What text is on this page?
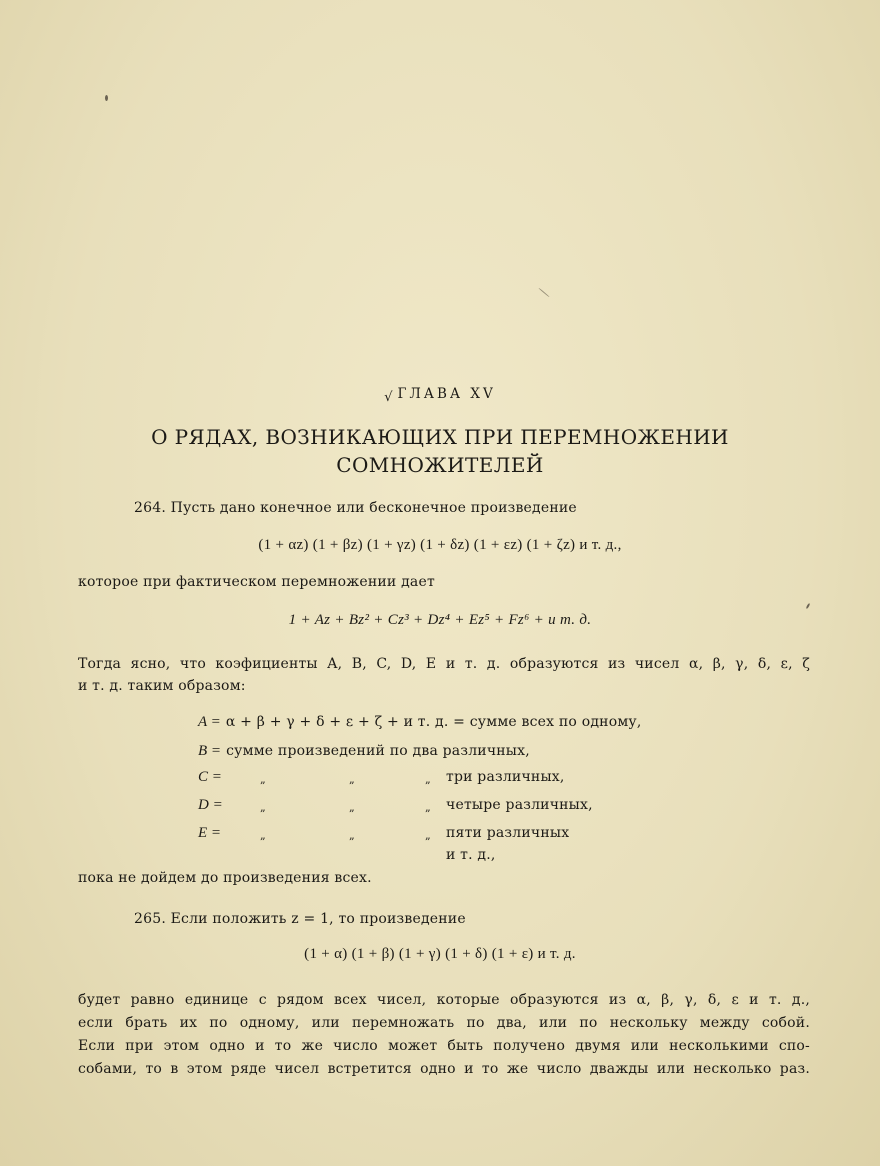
√ ГЛАВА XV
О РЯДАХ, ВОЗНИКАЮЩИХ ПРИ ПЕРЕМНОЖЕНИИ
СОМНОЖИТЕЛЕЙ
264. Пусть дано конечное или бесконечное произведение
(1 + αz) (1 + βz) (1 + γz) (1 + δz) (1 + εz) (1 + ζz) и т. д.,
которое при фактическом перемножении дает
1 + Az + Bz² + Cz³ + Dz⁴ + Ez⁵ + Fz⁶ + и т. д.
Тогда ясно, что коэфициенты A, B, C, D, E и т. д. образуются из чисел α, β, γ, δ, ε, ζ
и т. д. таким образом:
A = α + β + γ + δ + ε + ζ + и т. д. = сумме всех по одному,
B = сумме произведений по два различных,
C =	„	„	„ три различных,
D =	„	„	„ четыре различных,
E =	„	„	„ пяти различных
и т. д.,
пока не дойдем до произведения всех.
265. Если положить z = 1, то произведение
(1 + α) (1 + β) (1 + γ) (1 + δ) (1 + ε) и т. д.
будет равно единице с рядом всех чисел, которые образуются из α, β, γ, δ, ε и т. д.,
если брать их по одному, или перемножать по два, или по нескольку между собой.
Если при этом одно и то же число может быть получено двумя или несколькими спо-
собами, то в этом ряде чисел встретится одно и то же число дважды или несколько раз.
